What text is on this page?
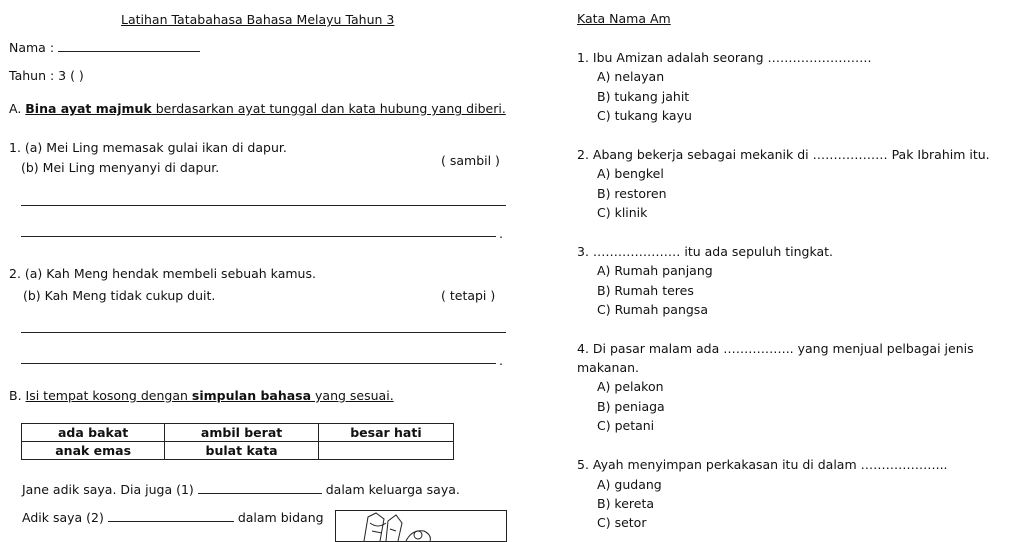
Latihan Tatabahasa Bahasa Melayu Tahun 3
Nama :
Tahun : 3 ( )
A. Bina ayat majmuk berdasarkan ayat tunggal dan kata hubung yang diberi.
1. (a) Mei Ling memasak gulai ikan di dapur.
(b) Mei Ling menyanyi di dapur.	( sambil )
.
2. (a) Kah Meng hendak membeli sebuah kamus.
(b) Kah Meng tidak cukup duit.	( tetapi )
.
B. Isi tempat kosong dengan simpulan bahasa yang sesuai.
ada bakat	ambil berat	besar hati
anak emas	bulat kata	
Jane adik saya. Dia juga (1)	dalam keluarga saya.
Adik saya (2)	dalam bidang
Kata Nama Am
1. Ibu Amizan adalah seorang …………………….
A) nelayan
B) tukang jahit
C) tukang kayu
2. Abang bekerja sebagai mekanik di ……………… Pak Ibrahim itu.
A) bengkel
B) restoren
C) klinik
3. ………………… itu ada sepuluh tingkat.
A) Rumah panjang
B) Rumah teres
C) Rumah pangsa
4. Di pasar malam ada …………….. yang menjual pelbagai jenis
makanan.
A) pelakon
B) peniaga
C) petani
5. Ayah menyimpan perkakasan itu di dalam ………………...
A) gudang
B) kereta
C) setor
